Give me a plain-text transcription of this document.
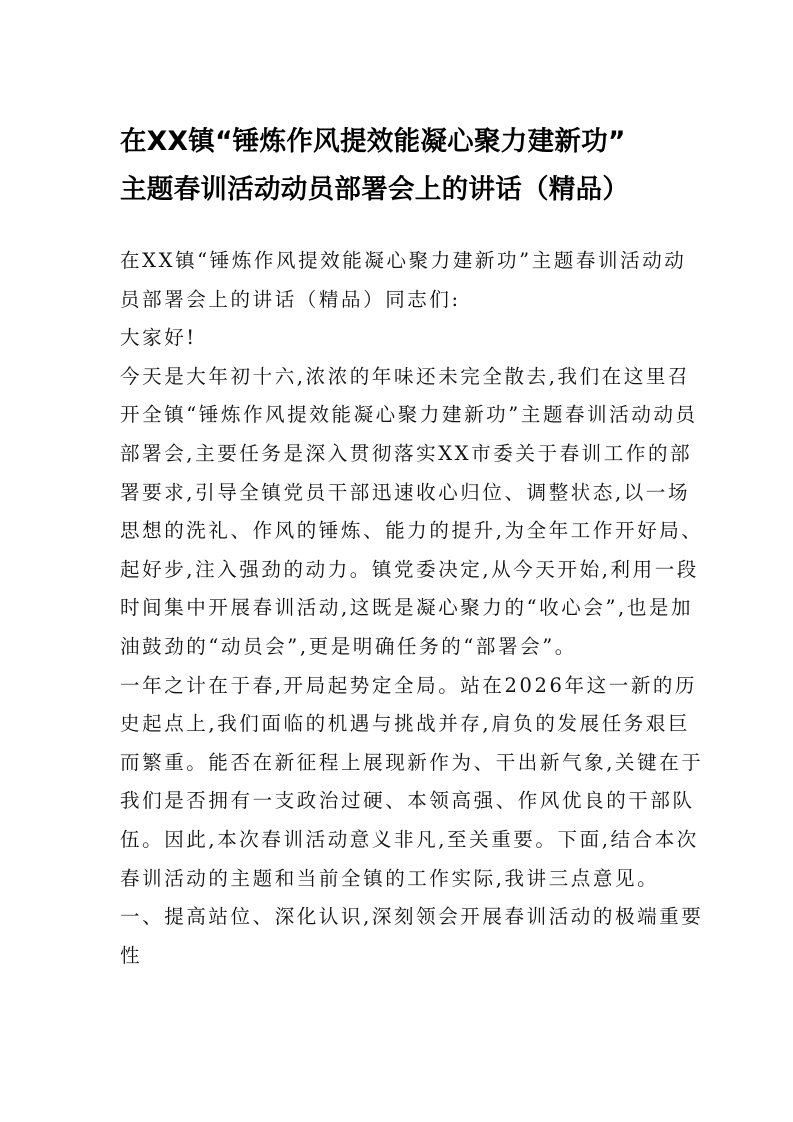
在XX镇“锤炼作风提效能凝心聚力建新功”
主题春训活动动员部署会上的讲话（精品）

在XX镇“锤炼作风提效能凝心聚力建新功”主题春训活动动
员部署会上的讲话（精品）同志们:

大家好!

今天是大年初十六,浓浓的年味还未完全散去,我们在这里召
开全镇“锤炼作风提效能凝心聚力建新功”主题春训活动动员
部署会,主要任务是深入贯彻落实XX市委关于春训工作的部
署要求,引导全镇党员干部迅速收心归位、调整状态,以一场
思想的洗礼、作风的锤炼、能力的提升,为全年工作开好局、
起好步,注入强劲的动力。镇党委决定,从今天开始,利用一段
时间集中开展春训活动,这既是凝心聚力的“收心会”,也是加
油鼓劲的“动员会”,更是明确任务的“部署会”。

一年之计在于春,开局起势定全局。站在2026年这一新的历
史起点上,我们面临的机遇与挑战并存,肩负的发展任务艰巨
而繁重。能否在新征程上展现新作为、干出新气象,关键在于
我们是否拥有一支政治过硬、本领高强、作风优良的干部队
伍。因此,本次春训活动意义非凡,至关重要。下面,结合本次
春训活动的主题和当前全镇的工作实际,我讲三点意见。

一、提高站位、深化认识,深刻领会开展春训活动的极端重要
性
